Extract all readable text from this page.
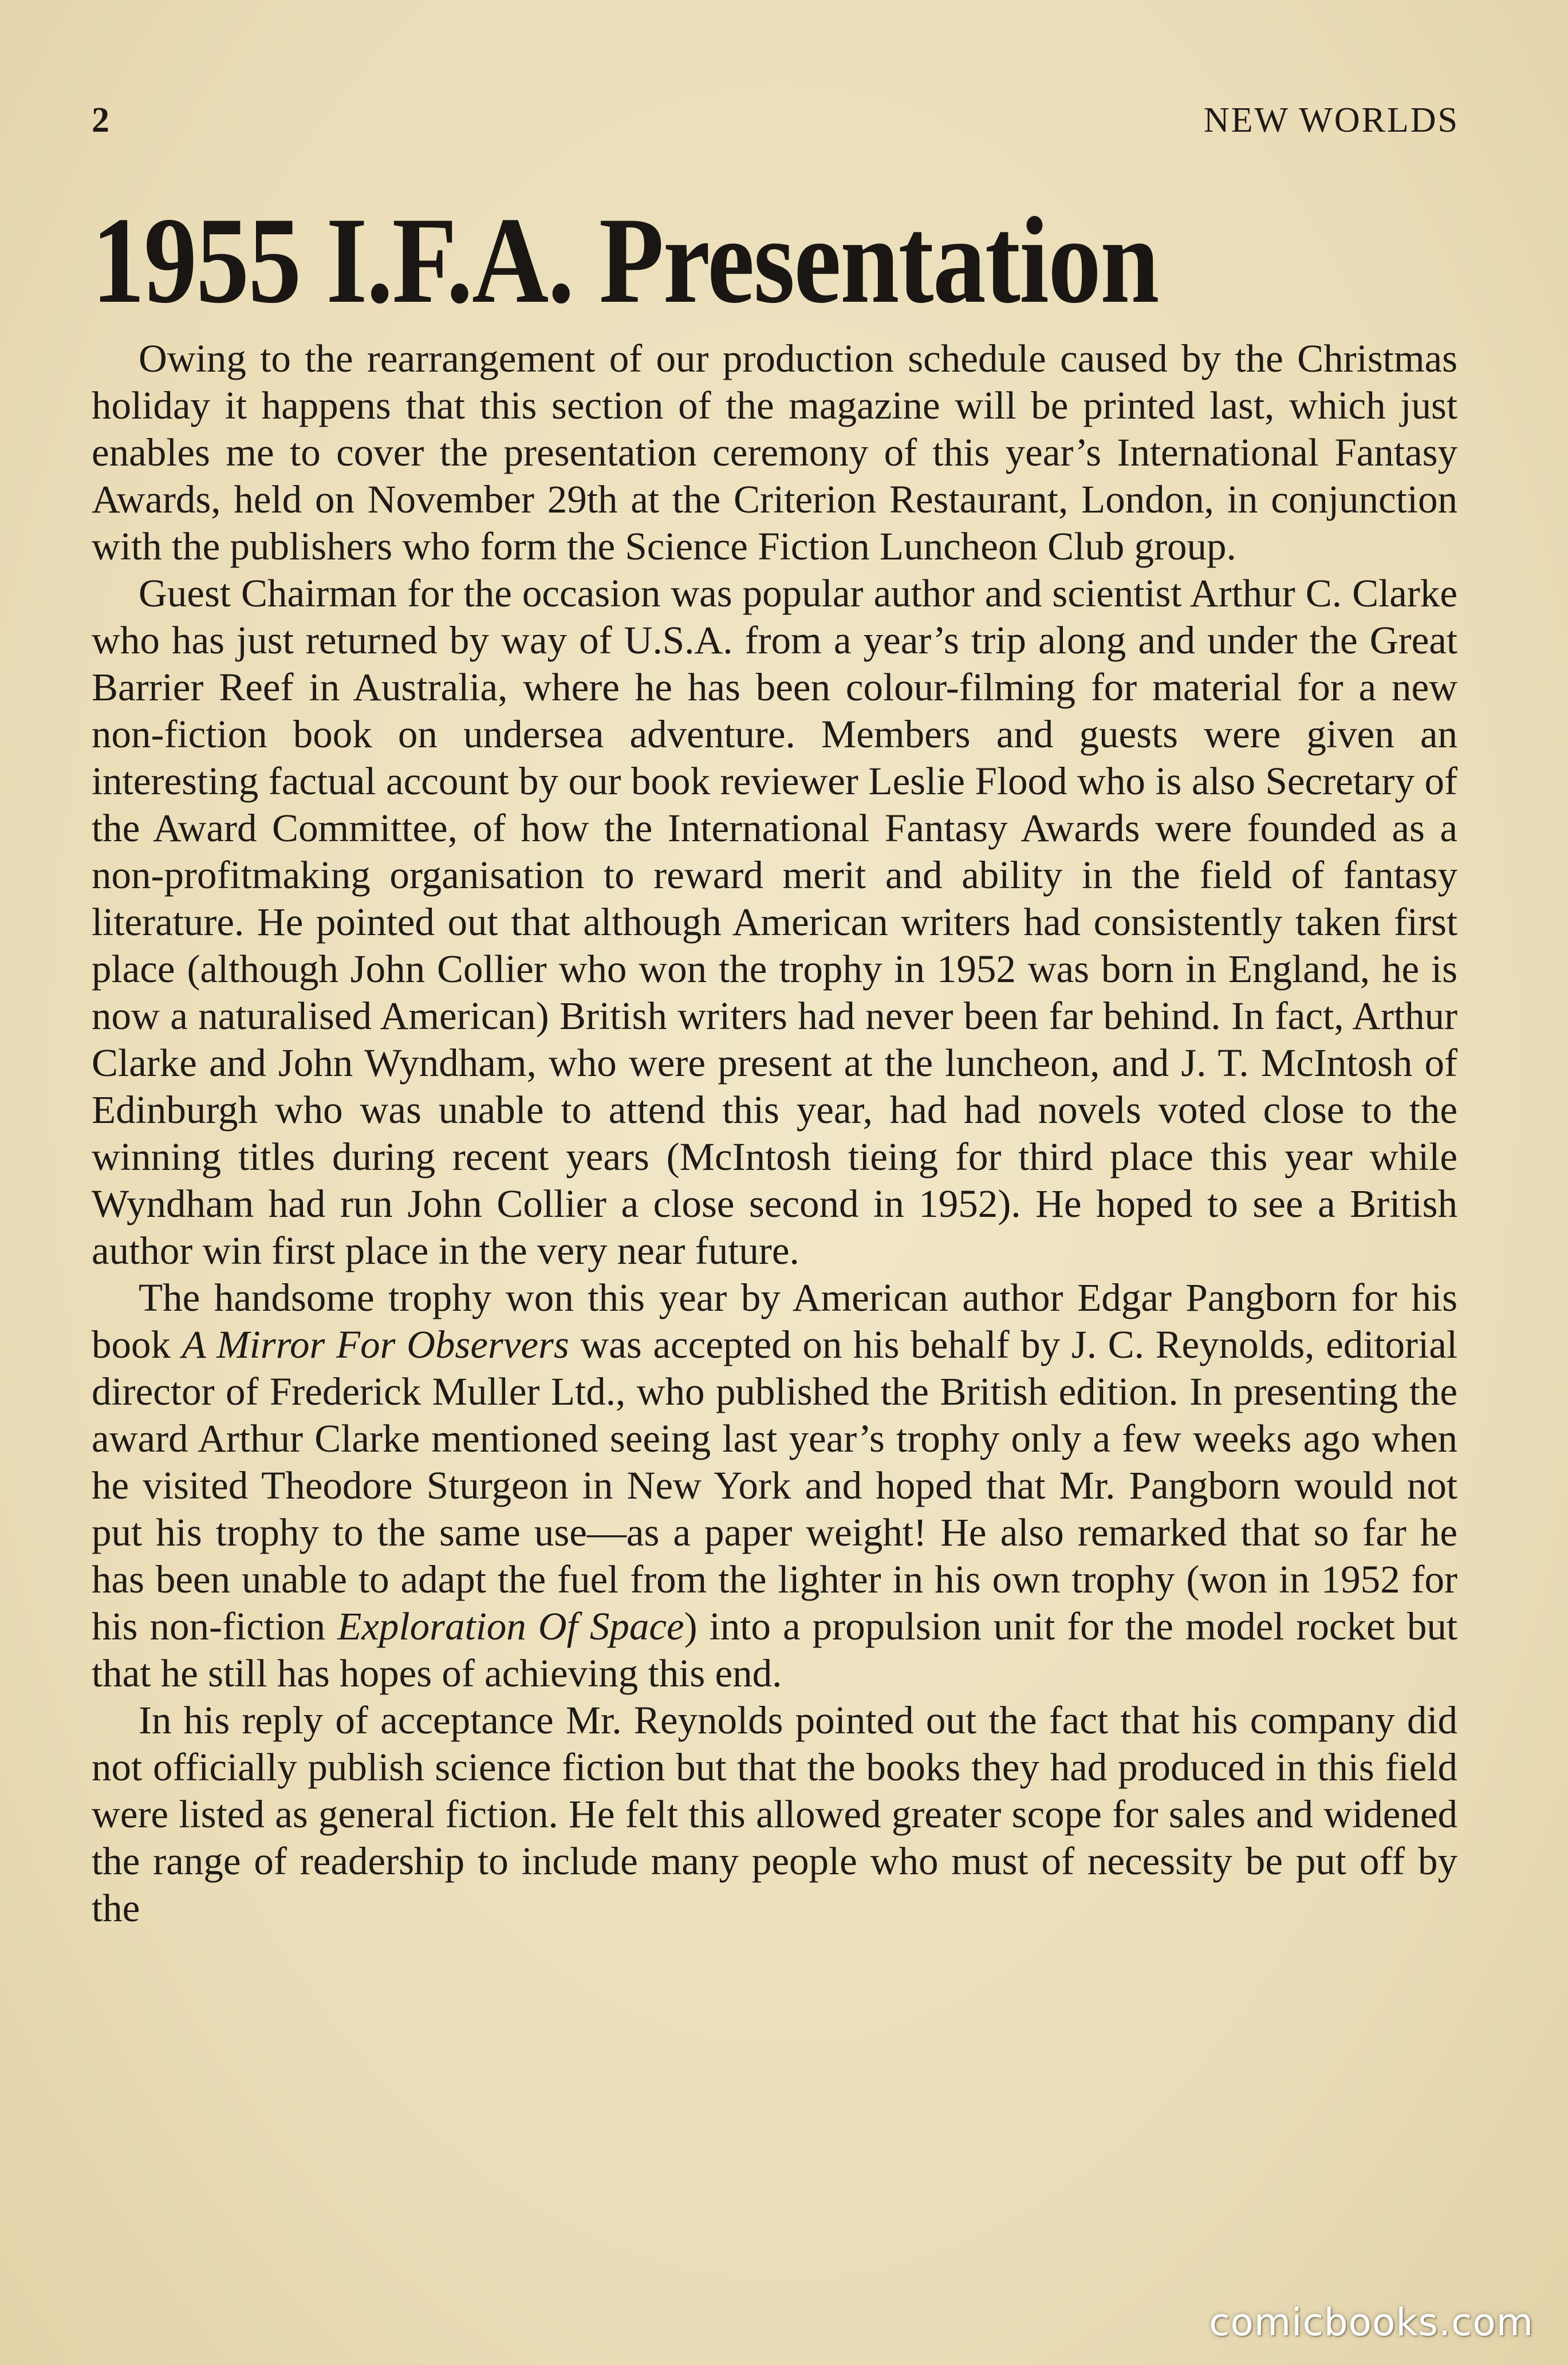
2	NEW WORLDS
1955 I.F.A. Presentation

Owing to the rearrangement of our production schedule caused by the Christmas holiday it happens that this section of the magazine will be printed last, which just enables me to cover the presentation ceremony of this year’s International Fantasy Awards, held on November 29th at the Criterion Restaurant, London, in conjunction with the publishers who form the Science Fiction Luncheon Club group.

Guest Chairman for the occasion was popular author and scientist Arthur C. Clarke who has just returned by way of U.S.A. from a year’s trip along and under the Great Barrier Reef in Australia, where he has been colour-filming for material for a new non-fiction book on undersea adventure. Members and guests were given an interesting factual account by our book reviewer Leslie Flood who is also Secretary of the Award Committee, of how the International Fantasy Awards were founded as a non-profitmaking organisation to reward merit and ability in the field of fantasy literature. He pointed out that although American writers had consistently taken first place (although John Collier who won the trophy in 1952 was born in England, he is now a naturalised American) British writers had never been far behind. In fact, Arthur Clarke and John Wyndham, who were present at the luncheon, and J. T. McIntosh of Edinburgh who was unable to attend this year, had had novels voted close to the winning titles during recent years (McIntosh tieing for third place this year while Wyndham had run John Collier a close second in 1952). He hoped to see a British author win first place in the very near future.

The handsome trophy won this year by American author Edgar Pangborn for his book A Mirror For Observers was accepted on his behalf by J. C. Reynolds, editorial director of Frederick Muller Ltd., who published the British edition. In presenting the award Arthur Clarke mentioned seeing last year’s trophy only a few weeks ago when he visited Theodore Sturgeon in New York and hoped that Mr. Pangborn would not put his trophy to the same use—as a paper weight! He also remarked that so far he has been unable to adapt the fuel from the lighter in his own trophy (won in 1952 for his non-fiction Exploration Of Space) into a propulsion unit for the model rocket but that he still has hopes of achieving this end.

In his reply of acceptance Mr. Reynolds pointed out the fact that his company did not officially publish science fiction but that the books they had produced in this field were listed as general fiction. He felt this allowed greater scope for sales and widened the range of readership to include many people who must of necessity be put off by the

comicbooks.com
